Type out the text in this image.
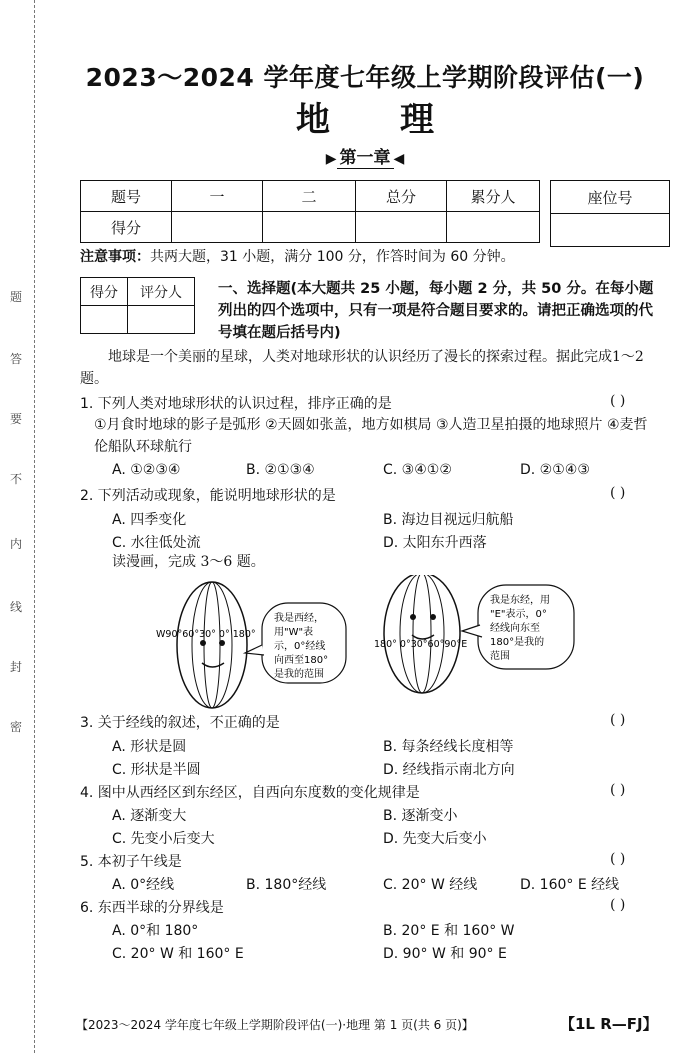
题
答
要
不
内
线
封
密
2023～2024 学年度七年级上学期阶段评估(一)
地理
▶ 第一章 ◀
题号	一	二	总分	累分人
得分				
座位号

注意事项：共两大题，31 小题，满分 100 分，作答时间为 60 分钟。
得分	评分人
	一、选择题(本大题共 25 小题，每小题 2 分，共 50 分。在每小题列出的四个选项中，只有一项是符合题目要求的。请把正确选项的代号填在题后括号内)
地球是一个美丽的星球，人类对地球形状的认识经历了漫长的探索过程。据此完成1～2题。
1. 下列人类对地球形状的认识过程，排序正确的是	( )
①月食时地球的影子是弧形 ②天圆如张盖，地方如棋局 ③人造卫星拍摄的地球照片 ④麦哲伦船队环球航行
A. ①②③④	B. ②①③④	C. ③④①②	D. ②①④③
2. 下列活动或现象，能说明地球形状的是	( )
A. 四季变化	B. 海边目视远归航船
C. 水往低处流	D. 太阳东升西落
读漫画，完成 3～6 题。
W90°60°30° 0° 180°
我是西经，
用"W"表
示，0°经线
向西至180°
是我的范围
180° 0°30°60°90°E
我是东经，用
"E"表示，0°
经线向东至
180°是我的
范围
3. 关于经线的叙述，不正确的是	( )
A. 形状是圆	B. 每条经线长度相等
C. 形状是半圆	D. 经线指示南北方向
4. 图中从西经区到东经区，自西向东度数的变化规律是	( )
A. 逐渐变大	B. 逐渐变小
C. 先变小后变大	D. 先变大后变小
5. 本初子午线是	( )
A. 0°经线	B. 180°经线	C. 20° W 经线	D. 160° E 经线
6. 东西半球的分界线是	( )
A. 0°和 180°	B. 20° E 和 160° W
C. 20° W 和 160° E	D. 90° W 和 90° E
【2023～2024 学年度七年级上学期阶段评估(一)·地理 第 1 页(共 6 页)】	【1L R—FJ】
